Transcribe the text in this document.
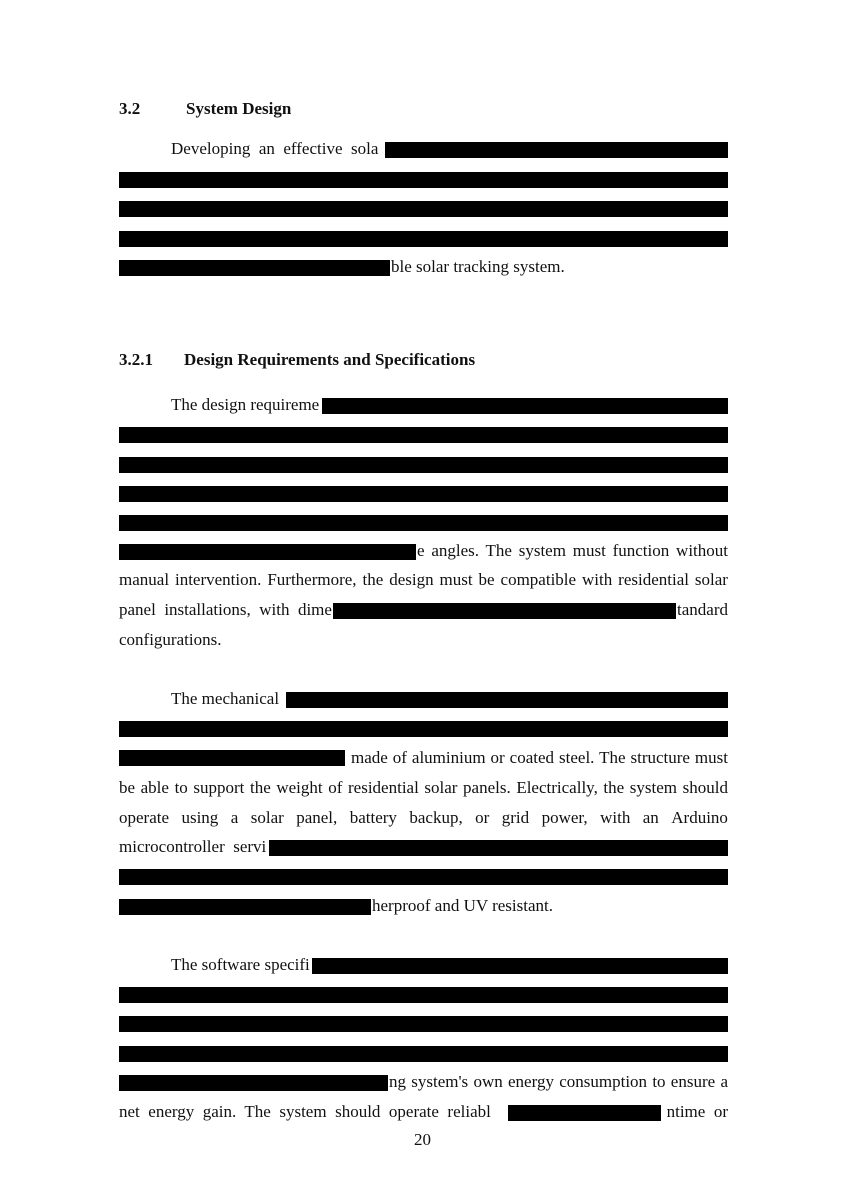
3.2	System Design
Developing  an  effective  sola
ble solar tracking system.
3.2.1 Design Requirements and Specifications
The design requireme
e angles. The system must function without
manual intervention. Furthermore, the design must be compatible with residential solar
panel  installations,  with  dime	tandard
configurations.
The mechanical
made of aluminium or coated steel. The structure must
be able to support the weight of residential solar panels. Electrically, the system should
operate using a solar panel, battery backup, or grid power, with an Arduino
microcontroller  servi
herproof and UV resistant.
The software specifi
ng system's own energy consumption to ensure a
net  energy  gain.  The  system  should  operate  reliabl	ntime  or
20
